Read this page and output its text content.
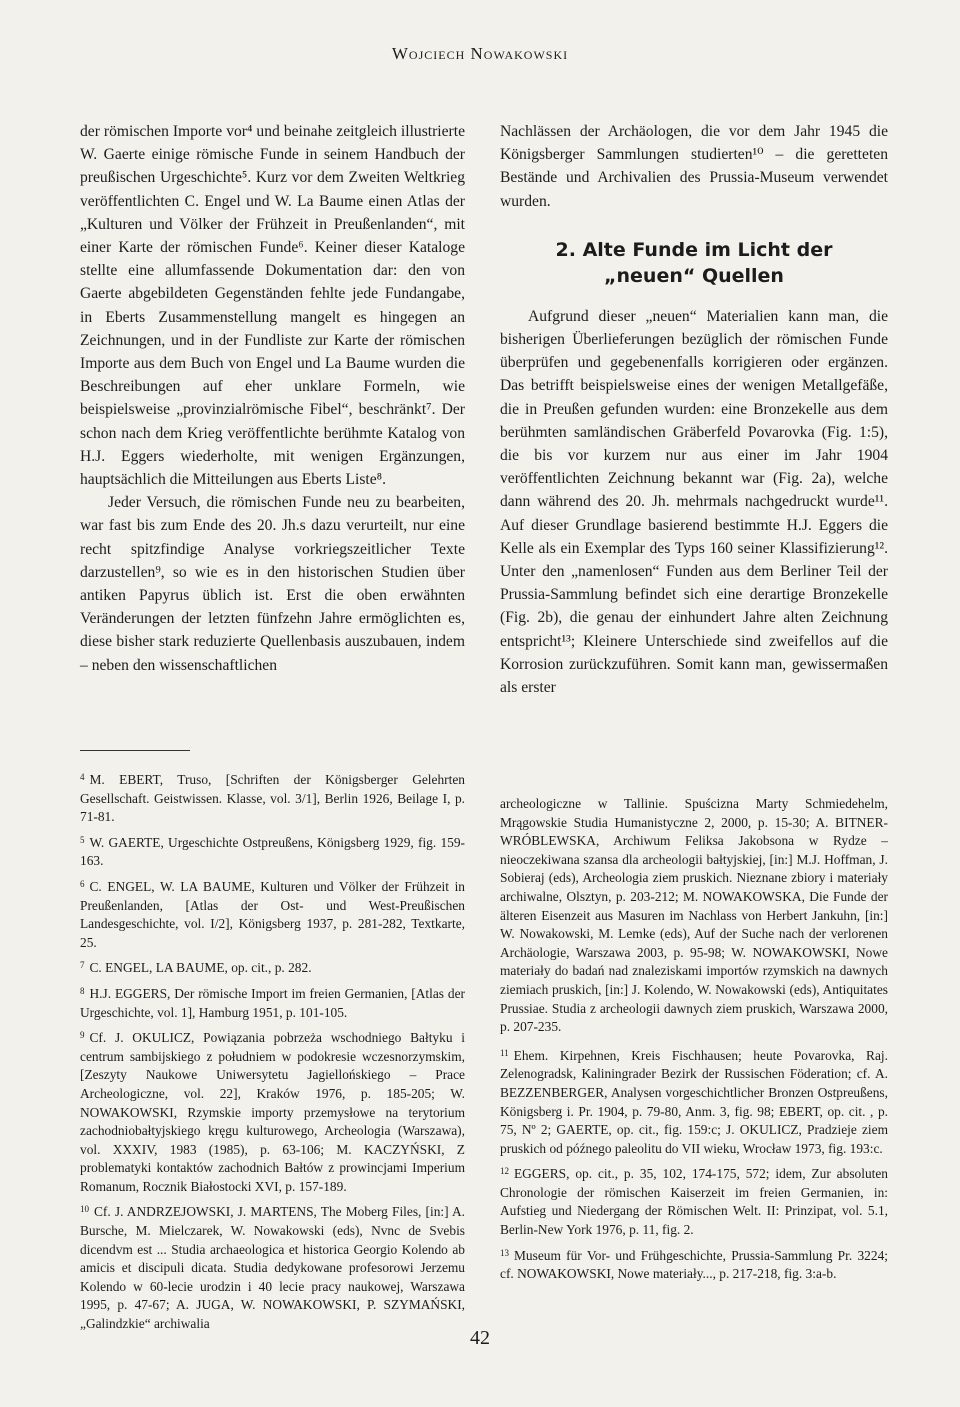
Wojciech Nowakowski

der römischen Importe vor⁴ und beinahe zeitgleich illustrierte W. Gaerte einige römische Funde in seinem Handbuch der preußischen Urgeschichte⁵. Kurz vor dem Zweiten Weltkrieg veröffentlichten C. Engel und W. La Baume einen Atlas der „Kulturen und Völker der Frühzeit in Preußenlanden“, mit einer Karte der römischen Funde⁶. Keiner dieser Kataloge stellte eine allumfassende Dokumentation dar: den von Gaerte abgebildeten Gegenständen fehlte jede Fundangabe, in Eberts Zusammenstellung mangelt es hingegen an Zeichnungen, und in der Fundliste zur Karte der römischen Importe aus dem Buch von Engel und La Baume wurden die Beschreibungen auf eher unklare Formeln, wie beispielsweise „provinzialrömische Fibel“, beschränkt⁷. Der schon nach dem Krieg veröffentlichte berühmte Katalog von H.J. Eggers wiederholte, mit wenigen Ergänzungen, hauptsächlich die Mitteilungen aus Eberts Liste⁸.

Jeder Versuch, die römischen Funde neu zu bearbeiten, war fast bis zum Ende des 20. Jh.s dazu verurteilt, nur eine recht spitzfindige Analyse vorkriegszeitlicher Texte darzustellen⁹, so wie es in den historischen Studien über antiken Papyrus üblich ist. Erst die oben erwähnten Veränderungen der letzten fünfzehn Jahre ermöglichten es, diese bisher stark reduzierte Quellenbasis auszubauen, indem – neben den wissenschaftlichen

Nachlässen der Archäologen, die vor dem Jahr 1945 die Königsberger Sammlungen studierten¹⁰ – die geretteten Bestände und Archivalien des Prussia-Museum verwendet wurden.

2. Alte Funde im Licht der „neuen“ Quellen

Aufgrund dieser „neuen“ Materialien kann man, die bisherigen Überlieferungen bezüglich der römischen Funde überprüfen und gegebenenfalls korrigieren oder ergänzen. Das betrifft beispielsweise eines der wenigen Metallgefäße, die in Preußen gefunden wurden: eine Bronzekelle aus dem berühmten samländischen Gräberfeld Povarovka (Fig. 1:5), die bis vor kurzem nur aus einer im Jahr 1904 veröffentlichten Zeichnung bekannt war (Fig. 2a), welche dann während des 20. Jh. mehrmals nachgedruckt wurde¹¹. Auf dieser Grundlage basierend bestimmte H.J. Eggers die Kelle als ein Exemplar des Typs 160 seiner Klassifizierung¹². Unter den „namenlosen“ Funden aus dem Berliner Teil der Prussia-Sammlung befindet sich eine derartige Bronzekelle (Fig. 2b), die genau der einhundert Jahre alten Zeichnung entspricht¹³; Kleinere Unterschiede sind zweifellos auf die Korrosion zurückzuführen. Somit kann man, gewissermaßen als erster

4 M. EBERT, Truso, [Schriften der Königsberger Gelehrten Gesellschaft. Geistwissen. Klasse, vol. 3/1], Berlin 1926, Beilage I, p. 71-81.

5 W. GAERTE, Urgeschichte Ostpreußens, Königsberg 1929, fig. 159-163.

6 C. ENGEL, W. LA BAUME, Kulturen und Völker der Frühzeit in Preußenlanden, [Atlas der Ost- und West-Preußischen Landesgeschichte, vol. I/2], Königsberg 1937, p. 281-282, Textkarte, 25.

7 C. ENGEL, LA BAUME, op. cit., p. 282.

8 H.J. EGGERS, Der römische Import im freien Germanien, [Atlas der Urgeschichte, vol. 1], Hamburg 1951, p. 101-105.

9 Cf. J. OKULICZ, Powiązania pobrzeża wschodniego Bałtyku i centrum sambijskiego z południem w podokresie wczesnorzymskim, [Zeszyty Naukowe Uniwersytetu Jagiellońskiego – Prace Archeologiczne, vol. 22], Kraków 1976, p. 185-205; W. NOWAKOWSKI, Rzymskie importy przemysłowe na terytorium zachodniobałtyjskiego kręgu kulturowego, Archeologia (Warszawa), vol. XXXIV, 1983 (1985), p. 63-106; M. KACZYŃSKI, Z problematyki kontaktów zachodnich Bałtów z prowincjami Imperium Romanum, Rocznik Białostocki XVI, p. 157-189.

10 Cf. J. ANDRZEJOWSKI, J. MARTENS, The Moberg Files, [in:] A. Bursche, M. Mielczarek, W. Nowakowski (eds), Nvnc de Svebis dicendvm est ... Studia archaeologica et historica Georgio Kolendo ab amicis et discipuli dicata. Studia dedykowane profesorowi Jerzemu Kolendo w 60-lecie urodzin i 40 lecie pracy naukowej, Warszawa 1995, p. 47-67; A. JUGA, W. NOWAKOWSKI, P. SZYMAŃSKI, „Galindzkie“ archiwalia

archeologiczne w Tallinie. Spuścizna Marty Schmiedehelm, Mrągowskie Studia Humanistyczne 2, 2000, p. 15-30; A. BITNER-WRÓBLEWSKA, Archiwum Feliksa Jakobsona w Rydze – nieoczekiwana szansa dla archeologii bałtyjskiej, [in:] M.J. Hoffman, J. Sobieraj (eds), Archeologia ziem pruskich. Nieznane zbiory i materiały archiwalne, Olsztyn, p. 203-212; M. NOWAKOWSKA, Die Funde der älteren Eisenzeit aus Masuren im Nachlass von Herbert Jankuhn, [in:] W. Nowakowski, M. Lemke (eds), Auf der Suche nach der verlorenen Archäologie, Warszawa 2003, p. 95-98; W. NOWAKOWSKI, Nowe materiały do badań nad znaleziskami importów rzymskich na dawnych ziemiach pruskich, [in:] J. Kolendo, W. Nowakowski (eds), Antiquitates Prussiae. Studia z archeologii dawnych ziem pruskich, Warszawa 2000, p. 207-235.

11 Ehem. Kirpehnen, Kreis Fischhausen; heute Povarovka, Raj. Zelenogradsk, Kaliningrader Bezirk der Russischen Föderation; cf. A. BEZZENBERGER, Analysen vorgeschichtlicher Bronzen Ostpreußens, Königsberg i. Pr. 1904, p. 79-80, Anm. 3, fig. 98; EBERT, op. cit. , p. 75, Nº 2; GAERTE, op. cit., fig. 159:c; J. OKULICZ, Pradzieje ziem pruskich od późnego paleolitu do VII wieku, Wrocław 1973, fig. 193:c.

12 EGGERS, op. cit., p. 35, 102, 174-175, 572; idem, Zur absoluten Chronologie der römischen Kaiserzeit im freien Germanien, in: Aufstieg und Niedergang der Römischen Welt. II: Prinzipat, vol. 5.1, Berlin-New York 1976, p. 11, fig. 2.

13 Museum für Vor- und Frühgeschichte, Prussia-Sammlung Pr. 3224; cf. NOWAKOWSKI, Nowe materiały..., p. 217-218, fig. 3:a-b.

42
